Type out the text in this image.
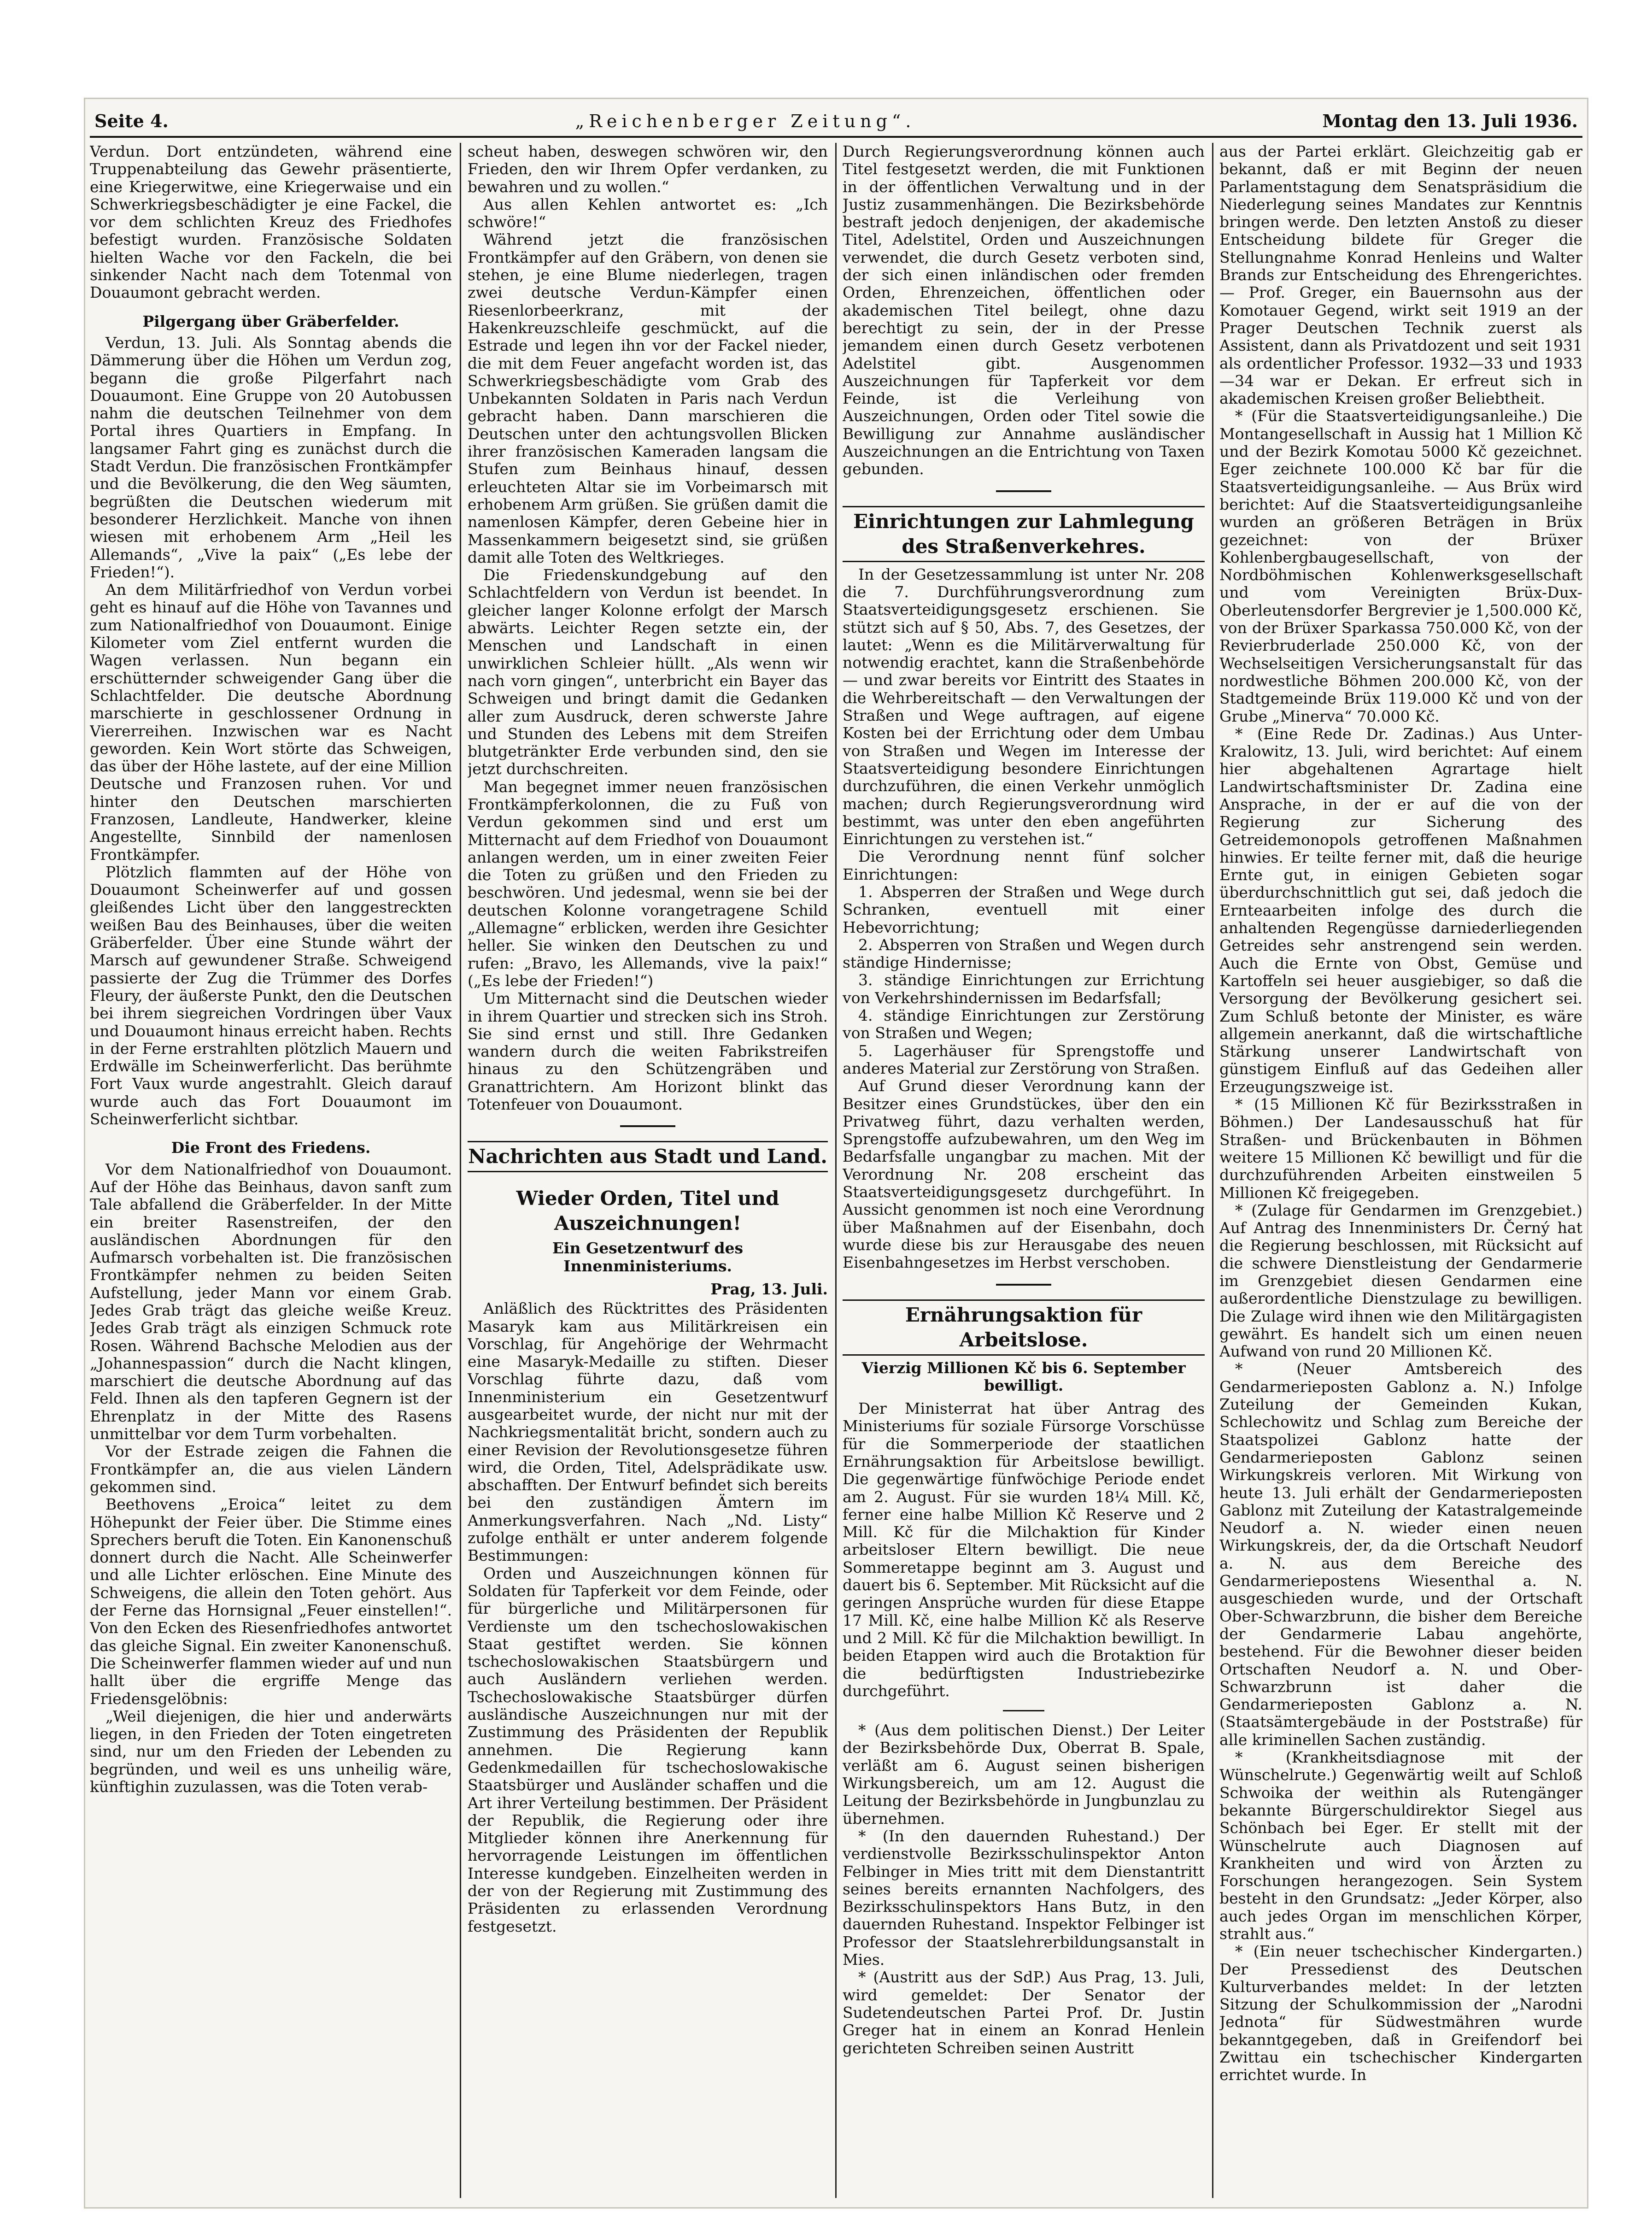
Seite 4.	„Reichenberger Zeitung“.	Montag den 13. Juli 1936.

Verdun. Dort entzündeten, während eine Truppenabteilung das Gewehr präsentierte, eine Kriegerwitwe, eine Kriegerwaise und ein Schwerkriegsbeschädigter je eine Fackel, die vor dem schlichten Kreuz des Friedhofes befestigt wurden. Französische Soldaten hielten Wache vor den Fackeln, die bei sinkender Nacht nach dem Totenmal von Douaumont gebracht werden.

Pilgergang über Gräberfelder.

Verdun, 13. Juli. Als Sonntag abends die Dämmerung über die Höhen um Verdun zog, begann die große Pilgerfahrt nach Douaumont. Eine Gruppe von 20 Autobussen nahm die deutschen Teilnehmer von dem Portal ihres Quartiers in Empfang. In langsamer Fahrt ging es zunächst durch die Stadt Verdun. Die französischen Frontkämpfer und die Bevölkerung, die den Weg säumten, begrüßten die Deutschen wiederum mit besonderer Herzlichkeit. Manche von ihnen wiesen mit erhobenem Arm „Heil les Allemands“, „Vive la paix“ („Es lebe der Frieden!“).

An dem Militärfriedhof von Verdun vorbei geht es hinauf auf die Höhe von Tavannes und zum Nationalfriedhof von Douaumont. Einige Kilometer vom Ziel entfernt wurden die Wagen verlassen. Nun begann ein erschütternder schweigender Gang über die Schlachtfelder. Die deutsche Abordnung marschierte in geschlossener Ordnung in Viererreihen. Inzwischen war es Nacht geworden. Kein Wort störte das Schweigen, das über der Höhe lastete, auf der eine Million Deutsche und Franzosen ruhen. Vor und hinter den Deutschen marschierten Franzosen, Landleute, Handwerker, kleine Angestellte, Sinnbild der namenlosen Frontkämpfer.

Plötzlich flammten auf der Höhe von Douaumont Scheinwerfer auf und gossen gleißendes Licht über den langgestreckten weißen Bau des Beinhauses, über die weiten Gräberfelder. Über eine Stunde währt der Marsch auf gewundener Straße. Schweigend passierte der Zug die Trümmer des Dorfes Fleury, der äußerste Punkt, den die Deutschen bei ihrem siegreichen Vordringen über Vaux und Douaumont hinaus erreicht haben. Rechts in der Ferne erstrahlten plötzlich Mauern und Erdwälle im Scheinwerferlicht. Das berühmte Fort Vaux wurde angestrahlt. Gleich darauf wurde auch das Fort Douaumont im Scheinwerferlicht sichtbar.

Die Front des Friedens.

Vor dem Nationalfriedhof von Douaumont. Auf der Höhe das Beinhaus, davon sanft zum Tale abfallend die Gräberfelder. In der Mitte ein breiter Rasenstreifen, der den ausländischen Abordnungen für den Aufmarsch vorbehalten ist. Die französischen Frontkämpfer nehmen zu beiden Seiten Aufstellung, jeder Mann vor einem Grab. Jedes Grab trägt das gleiche weiße Kreuz. Jedes Grab trägt als einzigen Schmuck rote Rosen. Während Bachsche Melodien aus der „Johannespassion“ durch die Nacht klingen, marschiert die deutsche Abordnung auf das Feld. Ihnen als den tapferen Gegnern ist der Ehrenplatz in der Mitte des Rasens unmittelbar vor dem Turm vorbehalten.

Vor der Estrade zeigen die Fahnen die Frontkämpfer an, die aus vielen Ländern gekommen sind.

Beethovens „Eroica“ leitet zu dem Höhepunkt der Feier über. Die Stimme eines Sprechers beruft die Toten. Ein Kanonenschuß donnert durch die Nacht. Alle Scheinwerfer und alle Lichter erlöschen. Eine Minute des Schweigens, die allein den Toten gehört. Aus der Ferne das Hornsignal „Feuer einstellen!“. Von den Ecken des Riesenfriedhofes antwortet das gleiche Signal. Ein zweiter Kanonenschuß. Die Scheinwerfer flammen wieder auf und nun hallt über die ergriffe Menge das Friedensgelöbnis:

„Weil diejenigen, die hier und anderwärts liegen, in den Frieden der Toten eingetreten sind, nur um den Frieden der Lebenden zu begründen, und weil es uns unheilig wäre, künftighin zuzulassen, was die Toten verab-

scheut haben, deswegen schwören wir, den Frieden, den wir Ihrem Opfer verdanken, zu bewahren und zu wollen.“

Aus allen Kehlen antwortet es: „Ich schwöre!“

Während jetzt die französischen Frontkämpfer auf den Gräbern, von denen sie stehen, je eine Blume niederlegen, tragen zwei deutsche Verdun-Kämpfer einen Riesenlorbeerkranz, mit der Hakenkreuzschleife geschmückt, auf die Estrade und legen ihn vor der Fackel nieder, die mit dem Feuer angefacht worden ist, das Schwerkriegsbeschädigte vom Grab des Unbekannten Soldaten in Paris nach Verdun gebracht haben. Dann marschieren die Deutschen unter den achtungsvollen Blicken ihrer französischen Kameraden langsam die Stufen zum Beinhaus hinauf, dessen erleuchteten Altar sie im Vorbeimarsch mit erhobenem Arm grüßen. Sie grüßen damit die namenlosen Kämpfer, deren Gebeine hier in Massenkammern beigesetzt sind, sie grüßen damit alle Toten des Weltkrieges.

Die Friedenskundgebung auf den Schlachtfeldern von Verdun ist beendet. In gleicher langer Kolonne erfolgt der Marsch abwärts. Leichter Regen setzte ein, der Menschen und Landschaft in einen unwirklichen Schleier hüllt. „Als wenn wir nach vorn gingen“, unterbricht ein Bayer das Schweigen und bringt damit die Gedanken aller zum Ausdruck, deren schwerste Jahre und Stunden des Lebens mit dem Streifen blutgetränkter Erde verbunden sind, den sie jetzt durchschreiten.

Man begegnet immer neuen französischen Frontkämpferkolonnen, die zu Fuß von Verdun gekommen sind und erst um Mitternacht auf dem Friedhof von Douaumont anlangen werden, um in einer zweiten Feier die Toten zu grüßen und den Frieden zu beschwören. Und jedesmal, wenn sie bei der deutschen Kolonne vorangetragene Schild „Allemagne“ erblicken, werden ihre Gesichter heller. Sie winken den Deutschen zu und rufen: „Bravo, les Allemands, vive la paix!“ („Es lebe der Frieden!“)

Um Mitternacht sind die Deutschen wieder in ihrem Quartier und strecken sich ins Stroh. Sie sind ernst und still. Ihre Gedanken wandern durch die weiten Fabrikstreifen hinaus zu den Schützengräben und Granattrichtern. Am Horizont blinkt das Totenfeuer von Douaumont.

Nachrichten aus Stadt und Land.
Wieder Orden, Titel und Auszeichnungen!
Ein Gesetzentwurf des Innenministeriums.
Prag, 13. Juli.

Anläßlich des Rücktrittes des Präsidenten Masaryk kam aus Militärkreisen ein Vorschlag, für Angehörige der Wehrmacht eine Masaryk-Medaille zu stiften. Dieser Vorschlag führte dazu, daß vom Innenministerium ein Gesetzentwurf ausgearbeitet wurde, der nicht nur mit der Nachkriegsmentalität bricht, sondern auch zu einer Revision der Revolutionsgesetze führen wird, die Orden, Titel, Adelsprädikate usw. abschafften. Der Entwurf befindet sich bereits bei den zuständigen Ämtern im Anmerkungsverfahren. Nach „Nd. Listy“ zufolge enthält er unter anderem folgende Bestimmungen:

Orden und Auszeichnungen können für Soldaten für Tapferkeit vor dem Feinde, oder für bürgerliche und Militärpersonen für Verdienste um den tschechoslowakischen Staat gestiftet werden. Sie können tschechoslowakischen Staatsbürgern und auch Ausländern verliehen werden. Tschechoslowakische Staatsbürger dürfen ausländische Auszeichnungen nur mit der Zustimmung des Präsidenten der Republik annehmen. Die Regierung kann Gedenkmedaillen für tschechoslowakische Staatsbürger und Ausländer schaffen und die Art ihrer Verteilung bestimmen. Der Präsident der Republik, die Regierung oder ihre Mitglieder können ihre Anerkennung für hervorragende Leistungen im öffentlichen Interesse kundgeben. Einzelheiten werden in der von der Regierung mit Zustimmung des Präsidenten zu erlassenden Verordnung festgesetzt.

Durch Regierungsverordnung können auch Titel festgesetzt werden, die mit Funktionen in der öffentlichen Verwaltung und in der Justiz zusammenhängen. Die Bezirksbehörde bestraft jedoch denjenigen, der akademische Titel, Adelstitel, Orden und Auszeichnungen verwendet, die durch Gesetz verboten sind, der sich einen inländischen oder fremden Orden, Ehrenzeichen, öffentlichen oder akademischen Titel beilegt, ohne dazu berechtigt zu sein, der in der Presse jemandem einen durch Gesetz verbotenen Adelstitel gibt. Ausgenommen Auszeichnungen für Tapferkeit vor dem Feinde, ist die Verleihung von Auszeichnungen, Orden oder Titel sowie die Bewilligung zur Annahme ausländischer Auszeichnungen an die Entrichtung von Taxen gebunden.

Einrichtungen zur Lahmlegung des Straßenverkehres.

In der Gesetzessammlung ist unter Nr. 208 die 7. Durchführungsverordnung zum Staatsverteidigungsgesetz erschienen. Sie stützt sich auf § 50, Abs. 7, des Gesetzes, der lautet: „Wenn es die Militärverwaltung für notwendig erachtet, kann die Straßenbehörde — und zwar bereits vor Eintritt des Staates in die Wehrbereitschaft — den Verwaltungen der Straßen und Wege auftragen, auf eigene Kosten bei der Errichtung oder dem Umbau von Straßen und Wegen im Interesse der Staatsverteidigung besondere Einrichtungen durchzuführen, die einen Verkehr unmöglich machen; durch Regierungsverordnung wird bestimmt, was unter den eben angeführten Einrichtungen zu verstehen ist.“

Die Verordnung nennt fünf solcher Einrichtungen:

1. Absperren der Straßen und Wege durch Schranken, eventuell mit einer Hebevorrichtung;

2. Absperren von Straßen und Wegen durch ständige Hindernisse;

3. ständige Einrichtungen zur Errichtung von Verkehrshindernissen im Bedarfsfall;

4. ständige Einrichtungen zur Zerstörung von Straßen und Wegen;

5. Lagerhäuser für Sprengstoffe und anderes Material zur Zerstörung von Straßen.

Auf Grund dieser Verordnung kann der Besitzer eines Grundstückes, über den ein Privatweg führt, dazu verhalten werden, Sprengstoffe aufzubewahren, um den Weg im Bedarfsfalle ungangbar zu machen. Mit der Verordnung Nr. 208 erscheint das Staatsverteidigungsgesetz durchgeführt. In Aussicht genommen ist noch eine Verordnung über Maßnahmen auf der Eisenbahn, doch wurde diese bis zur Herausgabe des neuen Eisenbahngesetzes im Herbst verschoben.

Ernährungsaktion für Arbeitslose.
Vierzig Millionen Kč bis 6. September bewilligt.

Der Ministerrat hat über Antrag des Ministeriums für soziale Fürsorge Vorschüsse für die Sommerperiode der staatlichen Ernährungsaktion für Arbeitslose bewilligt. Die gegenwärtige fünfwöchige Periode endet am 2. August. Für sie wurden 18¼ Mill. Kč, ferner eine halbe Million Kč Reserve und 2 Mill. Kč für die Milchaktion für Kinder arbeitsloser Eltern bewilligt. Die neue Sommeretappe beginnt am 3. August und dauert bis 6. September. Mit Rücksicht auf die geringen Ansprüche wurden für diese Etappe 17 Mill. Kč, eine halbe Million Kč als Reserve und 2 Mill. Kč für die Milchaktion bewilligt. In beiden Etappen wird auch die Brotaktion für die bedürftigsten Industriebezirke durchgeführt.

* (Aus dem politischen Dienst.) Der Leiter der Bezirksbehörde Dux, Oberrat B. Spale, verläßt am 6. August seinen bisherigen Wirkungsbereich, um am 12. August die Leitung der Bezirksbehörde in Jungbunzlau zu übernehmen.

* (In den dauernden Ruhestand.) Der verdienstvolle Bezirksschulinspektor Anton Felbinger in Mies tritt mit dem Dienstantritt seines bereits ernannten Nachfolgers, des Bezirksschulinspektors Hans Butz, in den dauernden Ruhestand. Inspektor Felbinger ist Professor der Staatslehrerbildungsanstalt in Mies.

* (Austritt aus der SdP.) Aus Prag, 13. Juli, wird gemeldet: Der Senator der Sudetendeutschen Partei Prof. Dr. Justin Greger hat in einem an Konrad Henlein gerichteten Schreiben seinen Austritt

aus der Partei erklärt. Gleichzeitig gab er bekannt, daß er mit Beginn der neuen Parlamentstagung dem Senatspräsidium die Niederlegung seines Mandates zur Kenntnis bringen werde. Den letzten Anstoß zu dieser Entscheidung bildete für Greger die Stellungnahme Konrad Henleins und Walter Brands zur Entscheidung des Ehrengerichtes. — Prof. Greger, ein Bauernsohn aus der Komotauer Gegend, wirkt seit 1919 an der Prager Deutschen Technik zuerst als Assistent, dann als Privatdozent und seit 1931 als ordentlicher Professor. 1932—33 und 1933—34 war er Dekan. Er erfreut sich in akademischen Kreisen großer Beliebtheit.

* (Für die Staatsverteidigungsanleihe.) Die Montangesellschaft in Aussig hat 1 Million Kč und der Bezirk Komotau 5000 Kč gezeichnet. Eger zeichnete 100.000 Kč bar für die Staatsverteidigungsanleihe. — Aus Brüx wird berichtet: Auf die Staatsverteidigungsanleihe wurden an größeren Beträgen in Brüx gezeichnet: von der Brüxer Kohlenbergbaugesellschaft, von der Nordböhmischen Kohlenwerksgesellschaft und vom Vereinigten Brüx-Dux-Oberleutensdorfer Bergrevier je 1,500.000 Kč, von der Brüxer Sparkassa 750.000 Kč, von der Revierbruderlade 250.000 Kč, von der Wechselseitigen Versicherungsanstalt für das nordwestliche Böhmen 200.000 Kč, von der Stadtgemeinde Brüx 119.000 Kč und von der Grube „Minerva“ 70.000 Kč.

* (Eine Rede Dr. Zadinas.) Aus Unter-Kralowitz, 13. Juli, wird berichtet: Auf einem hier abgehaltenen Agrartage hielt Landwirtschaftsminister Dr. Zadina eine Ansprache, in der er auf die von der Regierung zur Sicherung des Getreidemonopols getroffenen Maßnahmen hinwies. Er teilte ferner mit, daß die heurige Ernte gut, in einigen Gebieten sogar überdurchschnittlich gut sei, daß jedoch die Ernteaarbeiten infolge des durch die anhaltenden Regengüsse darniederliegenden Getreides sehr anstrengend sein werden. Auch die Ernte von Obst, Gemüse und Kartoffeln sei heuer ausgiebiger, so daß die Versorgung der Bevölkerung gesichert sei. Zum Schluß betonte der Minister, es wäre allgemein anerkannt, daß die wirtschaftliche Stärkung unserer Landwirtschaft von günstigem Einfluß auf das Gedeihen aller Erzeugungszweige ist.

* (15 Millionen Kč für Bezirksstraßen in Böhmen.) Der Landesausschuß hat für Straßen- und Brückenbauten in Böhmen weitere 15 Millionen Kč bewilligt und für die durchzuführenden Arbeiten einstweilen 5 Millionen Kč freigegeben.

* (Zulage für Gendarmen im Grenzgebiet.) Auf Antrag des Innenministers Dr. Černý hat die Regierung beschlossen, mit Rücksicht auf die schwere Dienstleistung der Gendarmerie im Grenzgebiet diesen Gendarmen eine außerordentliche Dienstzulage zu bewilligen. Die Zulage wird ihnen wie den Militärgagisten gewährt. Es handelt sich um einen neuen Aufwand von rund 20 Millionen Kč.

* (Neuer Amtsbereich des Gendarmerieposten Gablonz a. N.) Infolge Zuteilung der Gemeinden Kukan, Schlechowitz und Schlag zum Bereiche der Staatspolizei Gablonz hatte der Gendarmerieposten Gablonz seinen Wirkungskreis verloren. Mit Wirkung von heute 13. Juli erhält der Gendarmerieposten Gablonz mit Zuteilung der Katastralgemeinde Neudorf a. N. wieder einen neuen Wirkungskreis, der, da die Ortschaft Neudorf a. N. aus dem Bereiche des Gendarmeriepostens Wiesenthal a. N. ausgeschieden wurde, und der Ortschaft Ober-Schwarzbrunn, die bisher dem Bereiche der Gendarmerie Labau angehörte, bestehend. Für die Bewohner dieser beiden Ortschaften Neudorf a. N. und Ober-Schwarzbrunn ist daher die Gendarmerieposten Gablonz a. N. (Staatsämtergebäude in der Poststraße) für alle kriminellen Sachen zuständig.

* (Krankheitsdiagnose mit der Wünschelrute.) Gegenwärtig weilt auf Schloß Schwoika der weithin als Rutengänger bekannte Bürgerschuldirektor Siegel aus Schönbach bei Eger. Er stellt mit der Wünschelrute auch Diagnosen auf Krankheiten und wird von Ärzten zu Forschungen herangezogen. Sein System besteht in den Grundsatz: „Jeder Körper, also auch jedes Organ im menschlichen Körper, strahlt aus.“

* (Ein neuer tschechischer Kindergarten.) Der Pressedienst des Deutschen Kulturverbandes meldet: In der letzten Sitzung der Schulkommission der „Narodni Jednota“ für Südwestmähren wurde bekanntgegeben, daß in Greifendorf bei Zwittau ein tschechischer Kindergarten errichtet wurde. In
